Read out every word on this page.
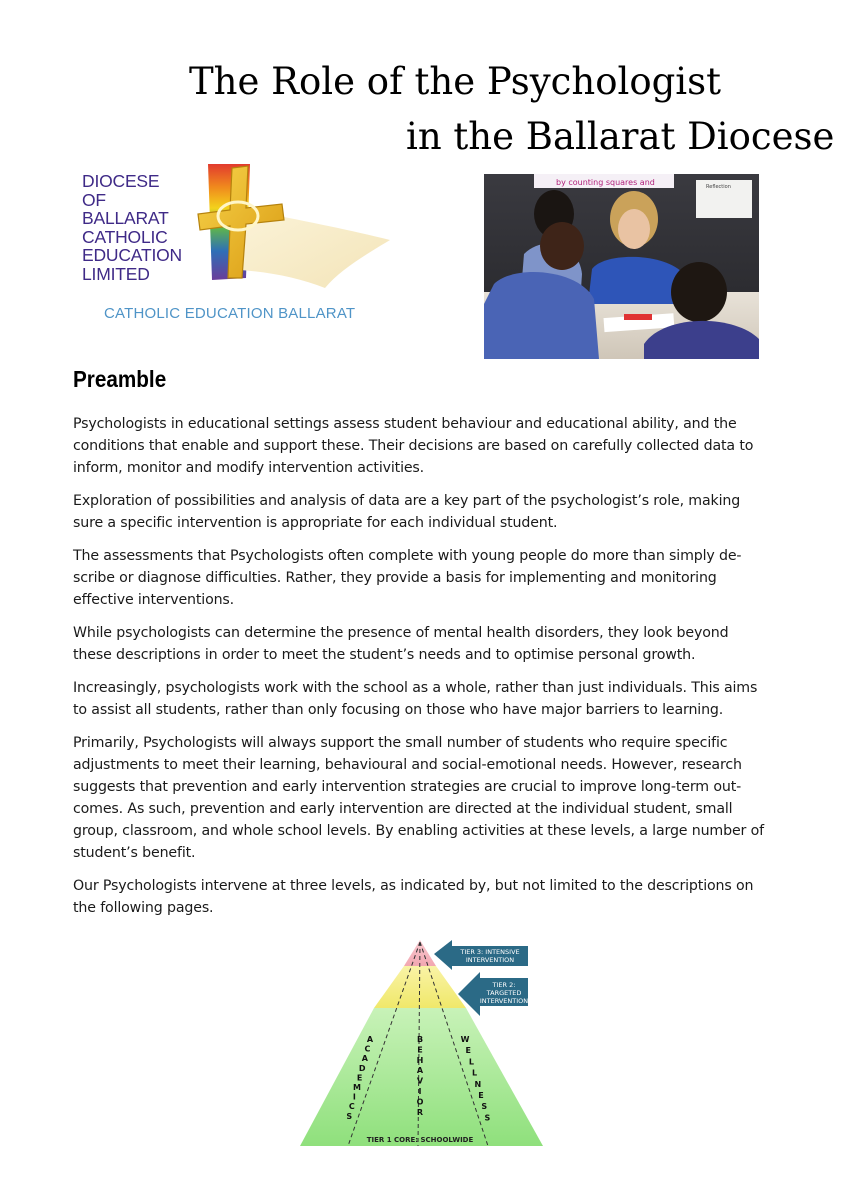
The Role of the Psychologist
in the Ballarat Diocese
DIOCESE
OF
BALLARAT
CATHOLIC
EDUCATION
LIMITED
CATHOLIC EDUCATION BALLARAT
by counting squares and	Reflection
Preamble

Psychologists in educational settings assess student behaviour and educational ability, and the
conditions that enable and support these. Their decisions are based on carefully collected data to
inform, monitor and modify intervention activities.

Exploration of possibilities and analysis of data are a key part of the psychologist’s role, making
sure a specific intervention is appropriate for each individual student.

The assessments that Psychologists often complete with young people do more than simply de-
scribe or diagnose difficulties. Rather, they provide a basis for implementing and monitoring
effective interventions.

While psychologists can determine the presence of mental health disorders, they look beyond
these descriptions in order to meet the student’s needs and to optimise personal growth.

Increasingly, psychologists work with the school as a whole, rather than just individuals. This aims
to assist all students, rather than only focusing on those who have major barriers to learning.

Primarily, Psychologists will always support the small number of students who require specific
adjustments to meet their learning, behavioural and social-emotional needs. However, research
suggests that prevention and early intervention strategies are crucial to improve long-term out-
comes. As such, prevention and early intervention are directed at the individual student, small
group, classroom, and whole school levels. By enabling activities at these levels, a large number of
student’s benefit.

Our Psychologists intervene at three levels, as indicated by, but not limited to the descriptions on
the following pages.

TIER 3: INTENSIVE
INTERVENTION
TIER 2:
TARGETED
INTERVENTION
A
C
A
D
E
M
I
C
S
B
E
H
A
V
I
O
R
W
E
L
L
N
E
S
S
TIER 1 CORE: SCHOOLWIDE
